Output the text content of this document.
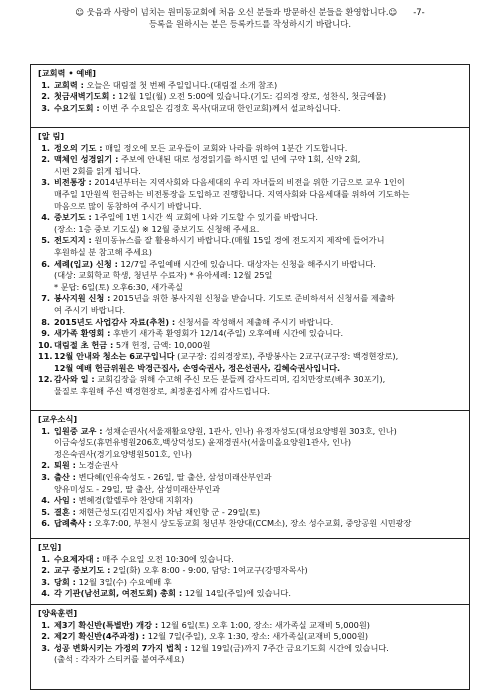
☺ 웃음과 사랑이 넘치는 원미동교회에 처음 오신 분들과 방문하신 분들을 환영합니다.☺ -7-
등록을 원하시는 분은 등록카드를 작성하시기 바랍니다.
[교회력 • 예배]
1. 교회력 : 오늘은 대림절 첫 번째 주일입니다.(대림절 소개 참조)
2. 첫금새벽기도회 : 12월 1일(월) 오전 5:00에 있습니다.(기도: 김의경 장로, 성찬식, 첫금예물)
3. 수요기도회 : 이번 주 수요일은 김정호 목사(대교대 한인교회)께서 설교하십니다.
[알 림]
1. 정오의 기도 : 매일 정오에 모든 교우들이 교회와 나라를 위하여 1분간 기도합니다.
2. 맥체인 성경읽기 : 주보에 안내된 대로 성경읽기를 하시면 일 년에 구약 1회, 신약 2회,
시편 2회를 읽게 됩니다.
3. 비전통장 : 2014년부터는 지역사회와 다음세대의 우리 자녀들의 비전을 위한 기금으로 교우 1인이
매주일 1만원씩 헌금하는 비전통장을 도입하고 진행합니다. 지역사회와 다음세대를 위하여 기도하는
마음으로 많이 동참하여 주시기 바랍니다.
4. 중보기도 : 1주일에 1번 1시간 씩 교회에 나와 기도할 수 있기를 바랍니다.
(장소: 1층 중보 기도실) ※ 12월 중보기도 신청해 주세요.
5. 전도지지 : 원미동뉴스를 잘 활용하시기 바랍니다.(매월 15일 경에 전도지지 제작에 들어가니
후원하실 분 참고해 주세요)
6. 세례(입교) 신청 : 12/7일 주일예배 시간에 있습니다. 대상자는 신청을 해주시기 바랍니다.
(대상: 교회학교 학생, 청년부 수료자) * 유아세례: 12월 25일
* 문답: 6일(토) 오후6:30, 새가족실
7. 봉사지원 신청 : 2015년을 위한 봉사지원 신청을 받습니다. 기도로 준비하셔서 신청서를 제출하
여 주시기 바랍니다.
8. 2015년도 사업감사 자료(추천) : 신청서를 작성해서 제출해 주시기 바랍니다.
9. 새가족 환영회 : 후반기 새가족 환영회가 12/14(주일) 오후예배 시간에 있습니다.
10. 대림절 초 헌금 : 5개 헌정, 금액: 10,000원
11. 12월 안내와 청소는 6교구입니다 (교구장: 김의경장로), 주방봉사는 2교구(교구장: 백경현장로),
12월 예배 헌금위원은 박경근집사, 손영숙권사, 정은선권사, 김혜숙권사입니다.
12. 감사와 일 : 교회김장을 위해 수고해 주신 모든 분들께 감사드리며, 김치만장로(배추 30포기),
물질로 후원해 주신 백경현장로, 최정훈집사께 감사드립니다.
[교우소식]
1. 입원중 교우 : 성채순권사(서울재활요양원, 1관사, 인나) 유정자성도(대성요양병원 303호, 인나)
이금숙성도(휴먼유병원206호,백상덕성도) 윤재경권사(서울미올요양원1관사, 인나)
정은숙권사(경기요양병원501호, 인나)
2. 퇴원 : 노경순권사
3. 출산 : 변다혜(인유숙성도 - 26일, 딸 출산, 삼성미래산부인과
양유미성도 - 29일, 딸 출산, 삼성미래산부인과
4. 사임 : 변혜경(할렐루야 찬양대 지휘자)
5. 결혼 : 채현근성도(김민지집사) 차남 채인향 군 - 29일(토)
6. 답례축사 : 오후7:00, 부천시 상도동교회 청년부 찬양대(CCM소), 장소 성수교회, 중앙공원 시민광장
[모임]
1. 수요제자대 : 매주 수요일 오전 10:30에 있습니다.
2. 교구 중보기도 : 2일(화) 오후 8:00 - 9:00, 담당: 1여교구(강명자목사)
3. 당회 : 12월 3일(수) 수요예배 후
4. 각 기관(남선교회, 여전도회) 총회 : 12월 14일(주일)에 있습니다.
[양육훈련]
1. 제3기 확신반(특별반) 개강 : 12월 6일(토) 오후 1:00, 장소: 새가족실 교재비 5,000원)
2. 제2기 확신반(4주과정) : 12월 7일(주일), 오후 1:30, 장소: 새가족실(교재비 5,000원)
3. 성공 변화시키는 가정의 7가지 법칙 : 12월 19일(금)까지 7주간 금요기도회 시간에 있습니다.
(출석 : 각자가 스티커를 붙여주세요)
